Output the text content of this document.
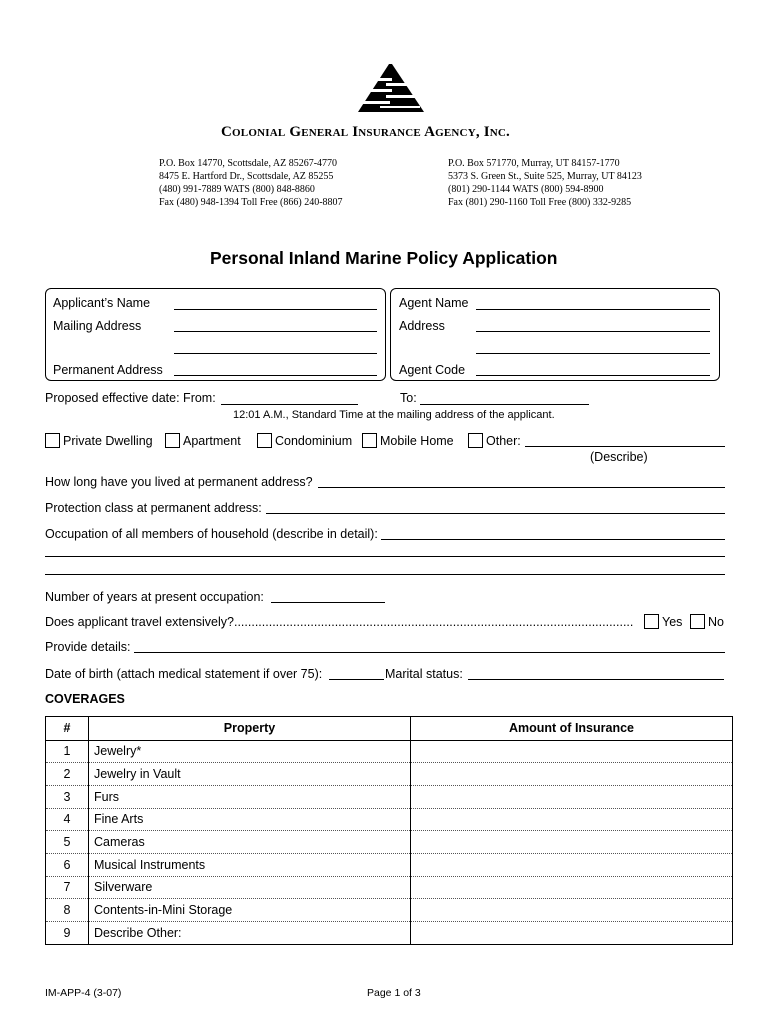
Colonial General Insurance Agency, Inc.
P.O. Box 14770, Scottsdale, AZ 85267-4770
8475 E. Hartford Dr., Scottsdale, AZ 85255
(480) 991-7889 WATS (800) 848-8860
Fax (480) 948-1394 Toll Free (866) 240-8807
P.O. Box 571770, Murray, UT 84157-1770
5373 S. Green St., Suite 525, Murray, UT 84123
(801) 290-1144 WATS (800) 594-8900
Fax (801) 290-1160 Toll Free (800) 332-9285
Personal Inland Marine Policy Application
Applicant’s Name
Mailing Address
Permanent Address
Agent Name
Address
Agent Code
Proposed effective date: From:	To:
12:01 A.M., Standard Time at the mailing address of the applicant.
Private Dwelling Apartment	Condominium Mobile Home	Other:
(Describe)
How long have you lived at permanent address?
Protection class at permanent address:
Occupation of all members of household (describe in detail):
Number of years at present occupation:
Does applicant travel extensively?...................................................................................................................	Yes No
Provide details:
Date of birth (attach medical statement if over 75):	Marital status:
COVERAGES
#	Property	Amount of Insurance
1	Jewelry*	
2	Jewelry in Vault	
3	Furs	
4	Fine Arts	
5	Cameras	
6	Musical Instruments	
7	Silverware	
8	Contents-in-Mini Storage	
9	Describe Other:	
IM-APP-4 (3-07)	Page 1 of 3
